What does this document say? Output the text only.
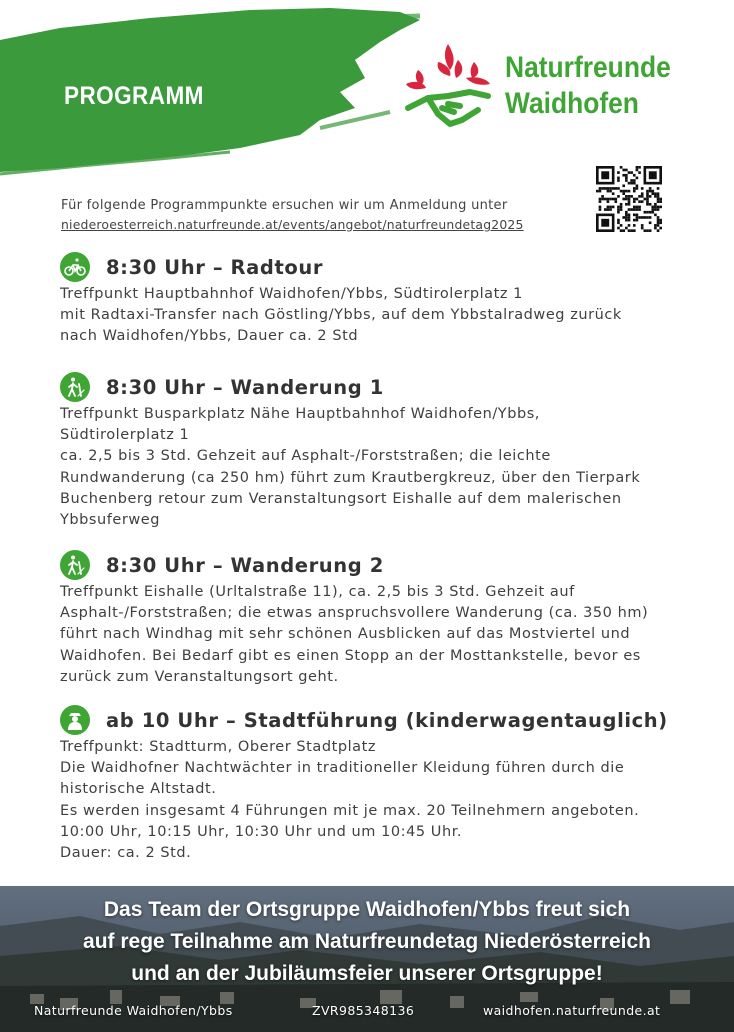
PROGRAMM
Naturfreunde
Waidhofen
Für folgende Programmpunkte ersuchen wir um Anmeldung unter
niederoesterreich.naturfreunde.at/events/angebot/naturfreundetag2025
8:30 Uhr – Radtour
Treffpunkt Hauptbahnhof Waidhofen/Ybbs, Südtirolerplatz 1
mit Radtaxi-Transfer nach Göstling/Ybbs, auf dem Ybbstalradweg zurück
nach Waidhofen/Ybbs, Dauer ca. 2 Std
8:30 Uhr – Wanderung 1
Treffpunkt Busparkplatz Nähe Hauptbahnhof Waidhofen/Ybbs,
Südtirolerplatz 1
ca. 2,5 bis 3 Std. Gehzeit auf Asphalt-/Forststraßen; die leichte
Rundwanderung (ca 250 hm) führt zum Krautbergkreuz, über den Tierpark
Buchenberg retour zum Veranstaltungsort Eishalle auf dem malerischen
Ybbsuferweg
8:30 Uhr – Wanderung 2
Treffpunkt Eishalle (Urltalstraße 11), ca. 2,5 bis 3 Std. Gehzeit auf
Asphalt-/Forststraßen; die etwas anspruchsvollere Wanderung (ca. 350 hm)
führt nach Windhag mit sehr schönen Ausblicken auf das Mostviertel und
Waidhofen. Bei Bedarf gibt es einen Stopp an der Mosttankstelle, bevor es
zurück zum Veranstaltungsort geht.
ab 10 Uhr – Stadtführung (kinderwagentauglich)
Treffpunkt: Stadtturm, Oberer Stadtplatz
Die Waidhofner Nachtwächter in traditioneller Kleidung führen durch die
historische Altstadt.
Es werden insgesamt 4 Führungen mit je max. 20 Teilnehmern angeboten.
10:00 Uhr, 10:15 Uhr, 10:30 Uhr und um 10:45 Uhr.
Dauer: ca. 2 Std.
Das Team der Ortsgruppe Waidhofen/Ybbs freut sich
auf rege Teilnahme am Naturfreundetag Niederösterreich
und an der Jubiläumsfeier unserer Ortsgruppe!
Naturfreunde Waidhofen/Ybbs	ZVR985348136	waidhofen.naturfreunde.at
